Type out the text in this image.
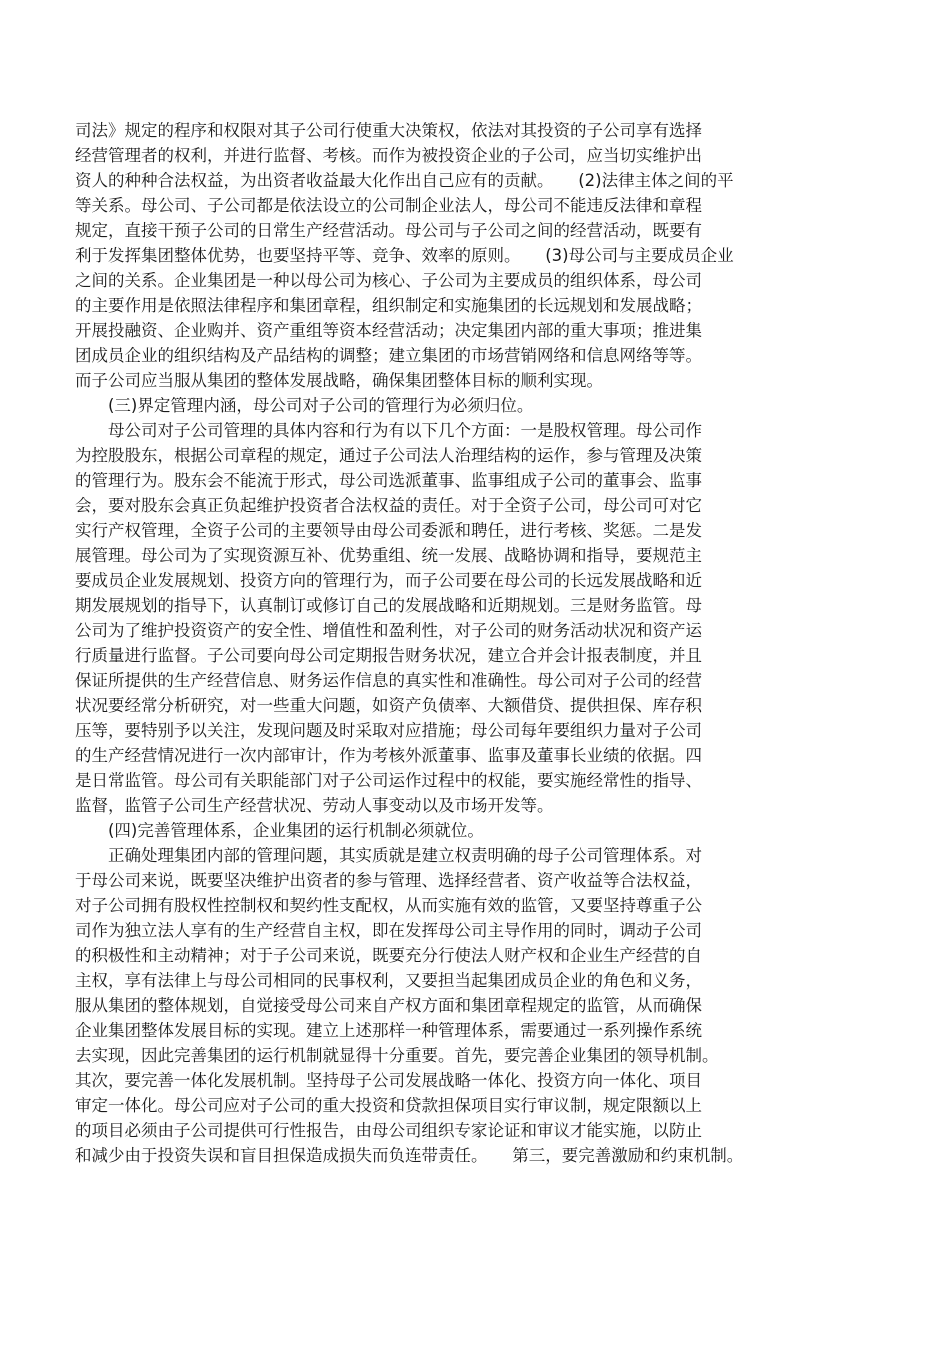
司法》规定的程序和权限对其子公司行使重大决策权，依法对其投资的子公司享有选择
经营管理者的权利，并进行监督、考核。而作为被投资企业的子公司，应当切实维护出
资人的种种合法权益，为出资者收益最大化作出自己应有的贡献。　　(2)法律主体之间的平
等关系。母公司、子公司都是依法设立的公司制企业法人，母公司不能违反法律和章程
规定，直接干预子公司的日常生产经营活动。母公司与子公司之间的经营活动，既要有
利于发挥集团整体优势，也要坚持平等、竞争、效率的原则。　　(3)母公司与主要成员企业
之间的关系。企业集团是一种以母公司为核心、子公司为主要成员的组织体系，母公司
的主要作用是依照法律程序和集团章程，组织制定和实施集团的长远规划和发展战略；
开展投融资、企业购并、资产重组等资本经营活动；决定集团内部的重大事项；推进集
团成员企业的组织结构及产品结构的调整；建立集团的市场营销网络和信息网络等等。
而子公司应当服从集团的整体发展战略，确保集团整体目标的顺利实现。
　　(三)界定管理内涵，母公司对子公司的管理行为必须归位。
　　母公司对子公司管理的具体内容和行为有以下几个方面：一是股权管理。母公司作
为控股股东，根据公司章程的规定，通过子公司法人治理结构的运作，参与管理及决策
的管理行为。股东会不能流于形式，母公司选派董事、监事组成子公司的董事会、监事
会，要对股东会真正负起维护投资者合法权益的责任。对于全资子公司，母公司可对它
实行产权管理，全资子公司的主要领导由母公司委派和聘任，进行考核、奖惩。二是发
展管理。母公司为了实现资源互补、优势重组、统一发展、战略协调和指导，要规范主
要成员企业发展规划、投资方向的管理行为，而子公司要在母公司的长远发展战略和近
期发展规划的指导下，认真制订或修订自己的发展战略和近期规划。三是财务监管。母
公司为了维护投资资产的安全性、增值性和盈利性，对子公司的财务活动状况和资产运
行质量进行监督。子公司要向母公司定期报告财务状况，建立合并会计报表制度，并且
保证所提供的生产经营信息、财务运作信息的真实性和准确性。母公司对子公司的经营
状况要经常分析研究，对一些重大问题，如资产负债率、大额借贷、提供担保、库存积
压等，要特别予以关注，发现问题及时采取对应措施；母公司每年要组织力量对子公司
的生产经营情况进行一次内部审计，作为考核外派董事、监事及董事长业绩的依据。四
是日常监管。母公司有关职能部门对子公司运作过程中的权能，要实施经常性的指导、
监督，监管子公司生产经营状况、劳动人事变动以及市场开发等。
　　(四)完善管理体系，企业集团的运行机制必须就位。
　　正确处理集团内部的管理问题，其实质就是建立权责明确的母子公司管理体系。对
于母公司来说，既要坚决维护出资者的参与管理、选择经营者、资产收益等合法权益，
对子公司拥有股权性控制权和契约性支配权，从而实施有效的监管，又要坚持尊重子公
司作为独立法人享有的生产经营自主权，即在发挥母公司主导作用的同时，调动子公司
的积极性和主动精神；对于子公司来说，既要充分行使法人财产权和企业生产经营的自
主权，享有法律上与母公司相同的民事权利，又要担当起集团成员企业的角色和义务，
服从集团的整体规划，自觉接受母公司来自产权方面和集团章程规定的监管，从而确保
企业集团整体发展目标的实现。建立上述那样一种管理体系，需要通过一系列操作系统
去实现，因此完善集团的运行机制就显得十分重要。首先，要完善企业集团的领导机制。
其次，要完善一体化发展机制。坚持母子公司发展战略一体化、投资方向一体化、项目
审定一体化。母公司应对子公司的重大投资和贷款担保项目实行审议制，规定限额以上
的项目必须由子公司提供可行性报告，由母公司组织专家论证和审议才能实施，以防止
和减少由于投资失误和盲目担保造成损失而负连带责任。　　第三，要完善激励和约束机制。
